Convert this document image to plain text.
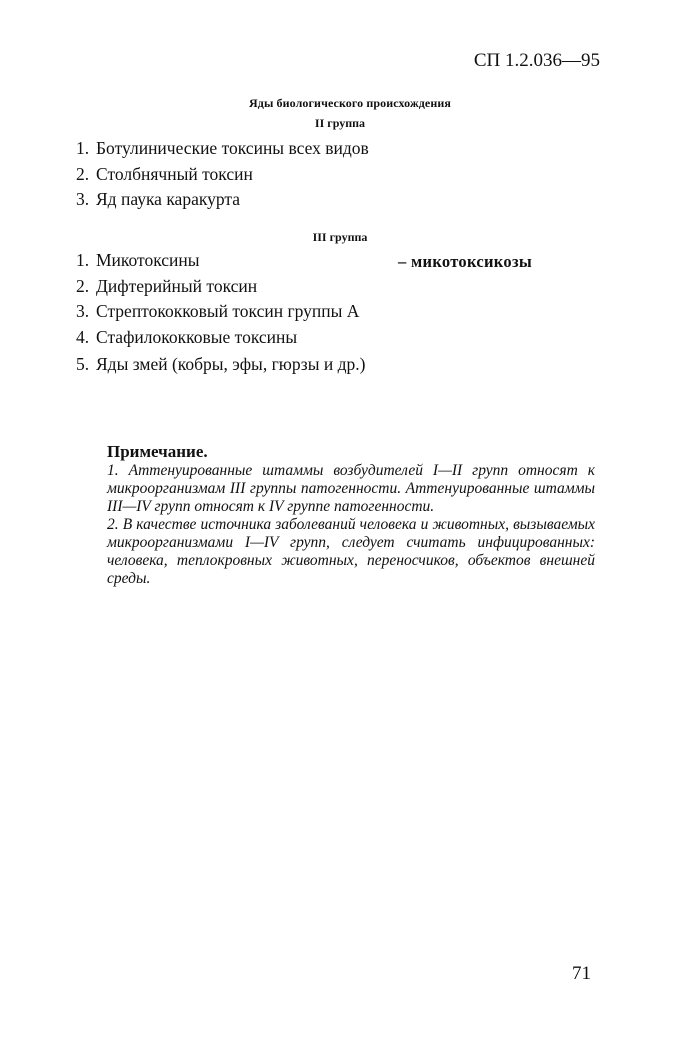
СП 1.2.036—95
Яды биологического происхождения
II группа
1. Ботулинические токсины всех видов
2. Столбнячный токсин
3. Яд паука каракурта
III группа
1. Микотоксины
2. Дифтерийный токсин
3. Стрептококковый токсин группы А
4. Стафилококковые токсины
5. Яды змей (кобры, эфы, гюрзы и др.)
– микотоксикозы
Примечание.

1. Аттенуированные штаммы возбудителей I—II групп относят к микроорганизмам III группы патогенности. Аттенуированные штаммы III—IV групп относят к IV группе патогенности.

2. В качестве источника заболеваний человека и животных, вызываемых микроорганизмами I—IV групп, следует считать инфицированных: человека, теплокровных животных, переносчиков, объектов внешней среды.

71
